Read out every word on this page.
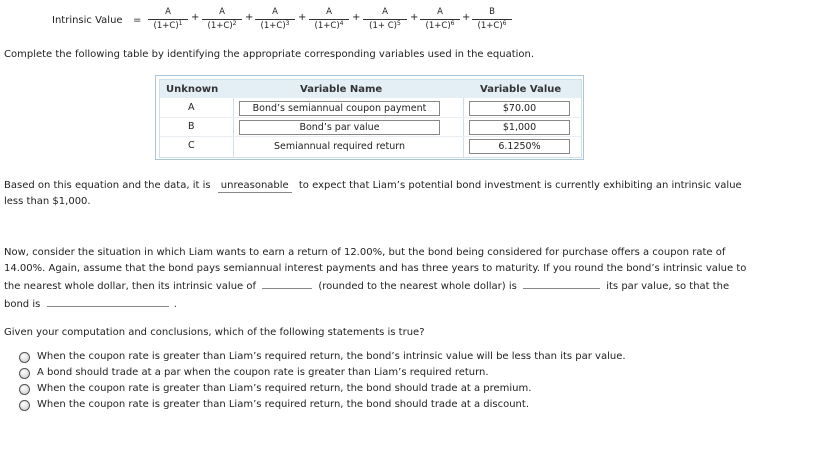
Intrinsic Value = $\frac{A}{(1+C)^1} + \frac{A}{(1+C)^2} + \frac{A}{(1+C)^3} + \frac{A}{(1+C)^4} + \frac{A}{(1+ C)^5} + \frac{A}{(1+C)^6} + \frac{B}{(1+C)^6}$
Complete the following table by identifying the appropriate corresponding variables used in the equation.
Unknown	Variable Name	Variable Value
A	Bond’s semiannual coupon payment	$70.00
B	Bond’s par value	$1,000
C	Semiannual required return	6.1250%
Based on this equation and the data, it is unreasonable to expect that Liam’s potential bond investment is currently exhibiting an intrinsic value
less than $1,000.
Now, consider the situation in which Liam wants to earn a return of 12.00%, but the bond being considered for purchase offers a coupon rate of
14.00%. Again, assume that the bond pays semiannual interest payments and has three years to maturity. If you round the bond’s intrinsic value to
the nearest whole dollar, then its intrinsic value of	(rounded to the nearest whole dollar) is	its par value, so that the
bond is	.
Given your computation and conclusions, which of the following statements is true?
When the coupon rate is greater than Liam’s required return, the bond’s intrinsic value will be less than its par value.
A bond should trade at a par when the coupon rate is greater than Liam’s required return.
When the coupon rate is greater than Liam’s required return, the bond should trade at a premium.
When the coupon rate is greater than Liam’s required return, the bond should trade at a discount.
